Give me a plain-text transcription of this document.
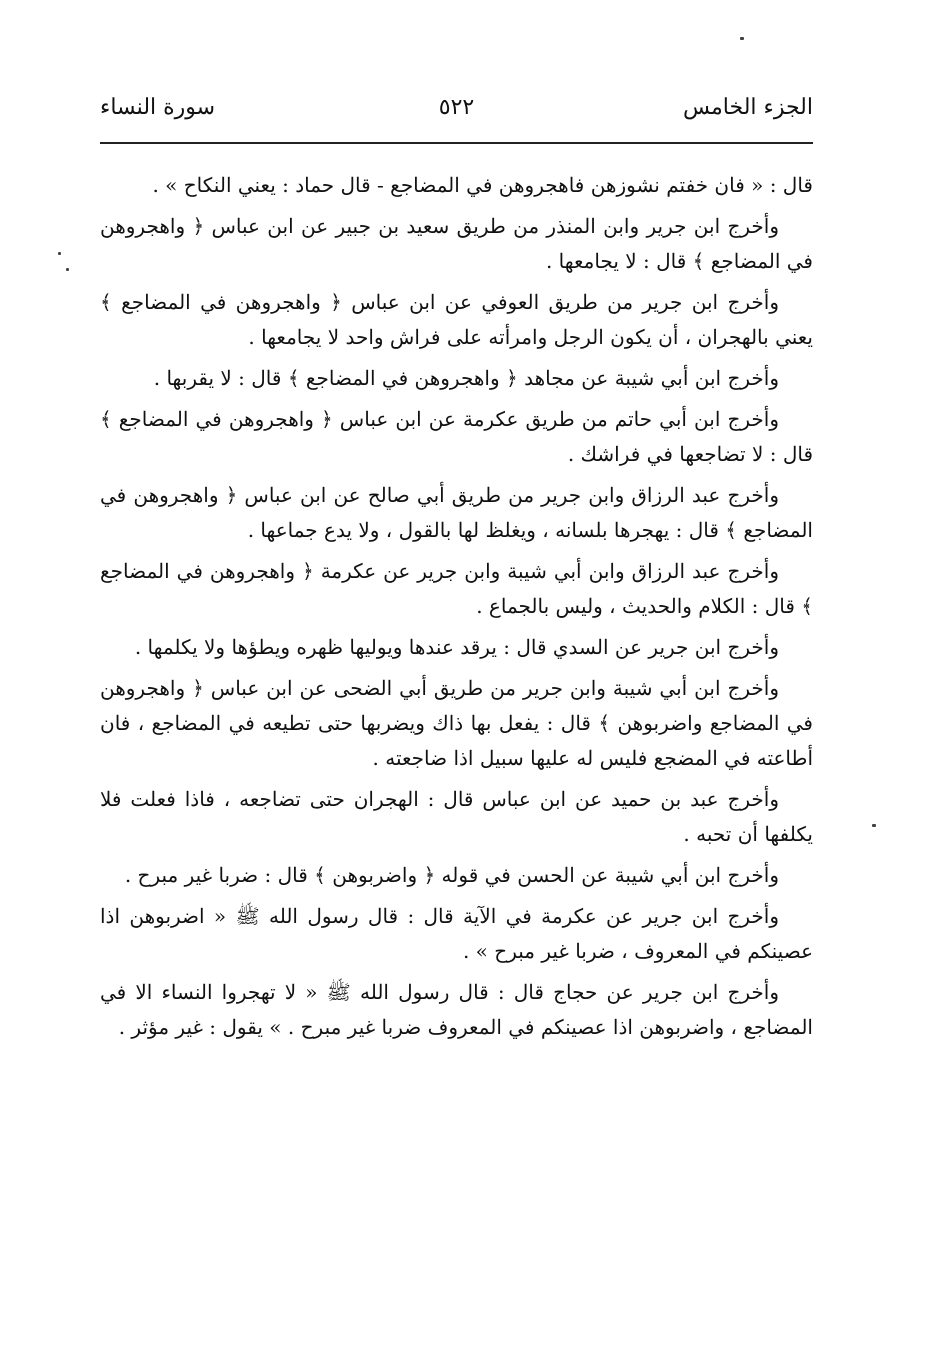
الجزء الخامس
٥٢٢
سورة النساء

قال : « فان خفتم نشوزهن فاهجروهن في المضاجع - قال حماد : يعني النكاح » .

وأخرج ابن جرير وابن المنذر من طريق سعيد بن جبير عن ابن عباس ﴿ واهجروهن في المضاجع ﴾ قال : لا يجامعها .

وأخرج ابن جرير من طريق العوفي عن ابن عباس ﴿ واهجروهن في المضاجع ﴾ يعني بالهجران ، أن يكون الرجل وامرأته على فراش واحد لا يجامعها .

وأخرج ابن أبي شيبة عن مجاهد ﴿ واهجروهن في المضاجع ﴾ قال : لا يقربها .

وأخرج ابن أبي حاتم من طريق عكرمة عن ابن عباس ﴿ واهجروهن في المضاجع ﴾ قال : لا تضاجعها في فراشك .

وأخرج عبد الرزاق وابن جرير من طريق أبي صالح عن ابن عباس ﴿ واهجروهن في المضاجع ﴾ قال : يهجرها بلسانه ، ويغلظ لها بالقول ، ولا يدع جماعها .

وأخرج عبد الرزاق وابن أبي شيبة وابن جرير عن عكرمة ﴿ واهجروهن في المضاجع ﴾ قال : الكلام والحديث ، وليس بالجماع .

وأخرج ابن جرير عن السدي قال : يرقد عندها ويوليها ظهره ويطؤها ولا يكلمها .

وأخرج ابن أبي شيبة وابن جرير من طريق أبي الضحى عن ابن عباس ﴿ واهجروهن في المضاجع واضربوهن ﴾ قال : يفعل بها ذاك ويضربها حتى تطيعه في المضاجع ، فان أطاعته في المضجع فليس له عليها سبيل اذا ضاجعته .

وأخرج عبد بن حميد عن ابن عباس قال : الهجران حتى تضاجعه ، فاذا فعلت فلا يكلفها أن تحبه .

وأخرج ابن أبي شيبة عن الحسن في قوله ﴿ واضربوهن ﴾ قال : ضربا غير مبرح .

وأخرج ابن جرير عن عكرمة في الآية قال : قال رسول الله ﷺ « اضربوهن اذا عصينكم في المعروف ، ضربا غير مبرح » .

وأخرج ابن جرير عن حجاج قال : قال رسول الله ﷺ « لا تهجروا النساء الا في المضاجع ، واضربوهن اذا عصينكم في المعروف ضربا غير مبرح . » يقول : غير مؤثر .
